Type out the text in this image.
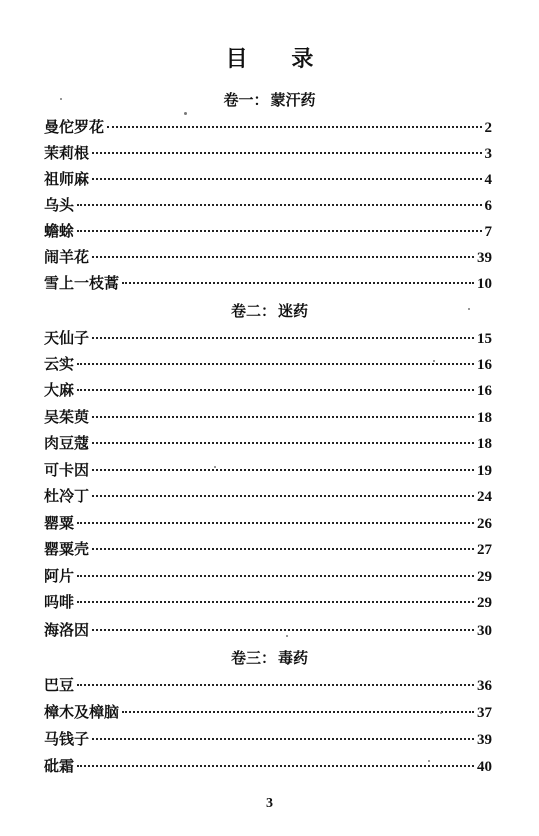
目 录
卷一： 蒙汗药
曼佗罗花	2
茉莉根	3
祖师麻	4
乌头	6
蟾蜍	7
闹羊花	39
雪上一枝蒿	10
卷二： 迷药
天仙子	15
云实	16
大麻	16
吴茱萸	18
肉豆蔻	18
可卡因	19
杜冷丁	24
罂粟	26
罂粟壳	27
阿片	29
吗啡	29
海洛因	30
卷三： 毒药
巴豆	36
樟木及樟脑	37
马钱子	39
砒霜	40
3
